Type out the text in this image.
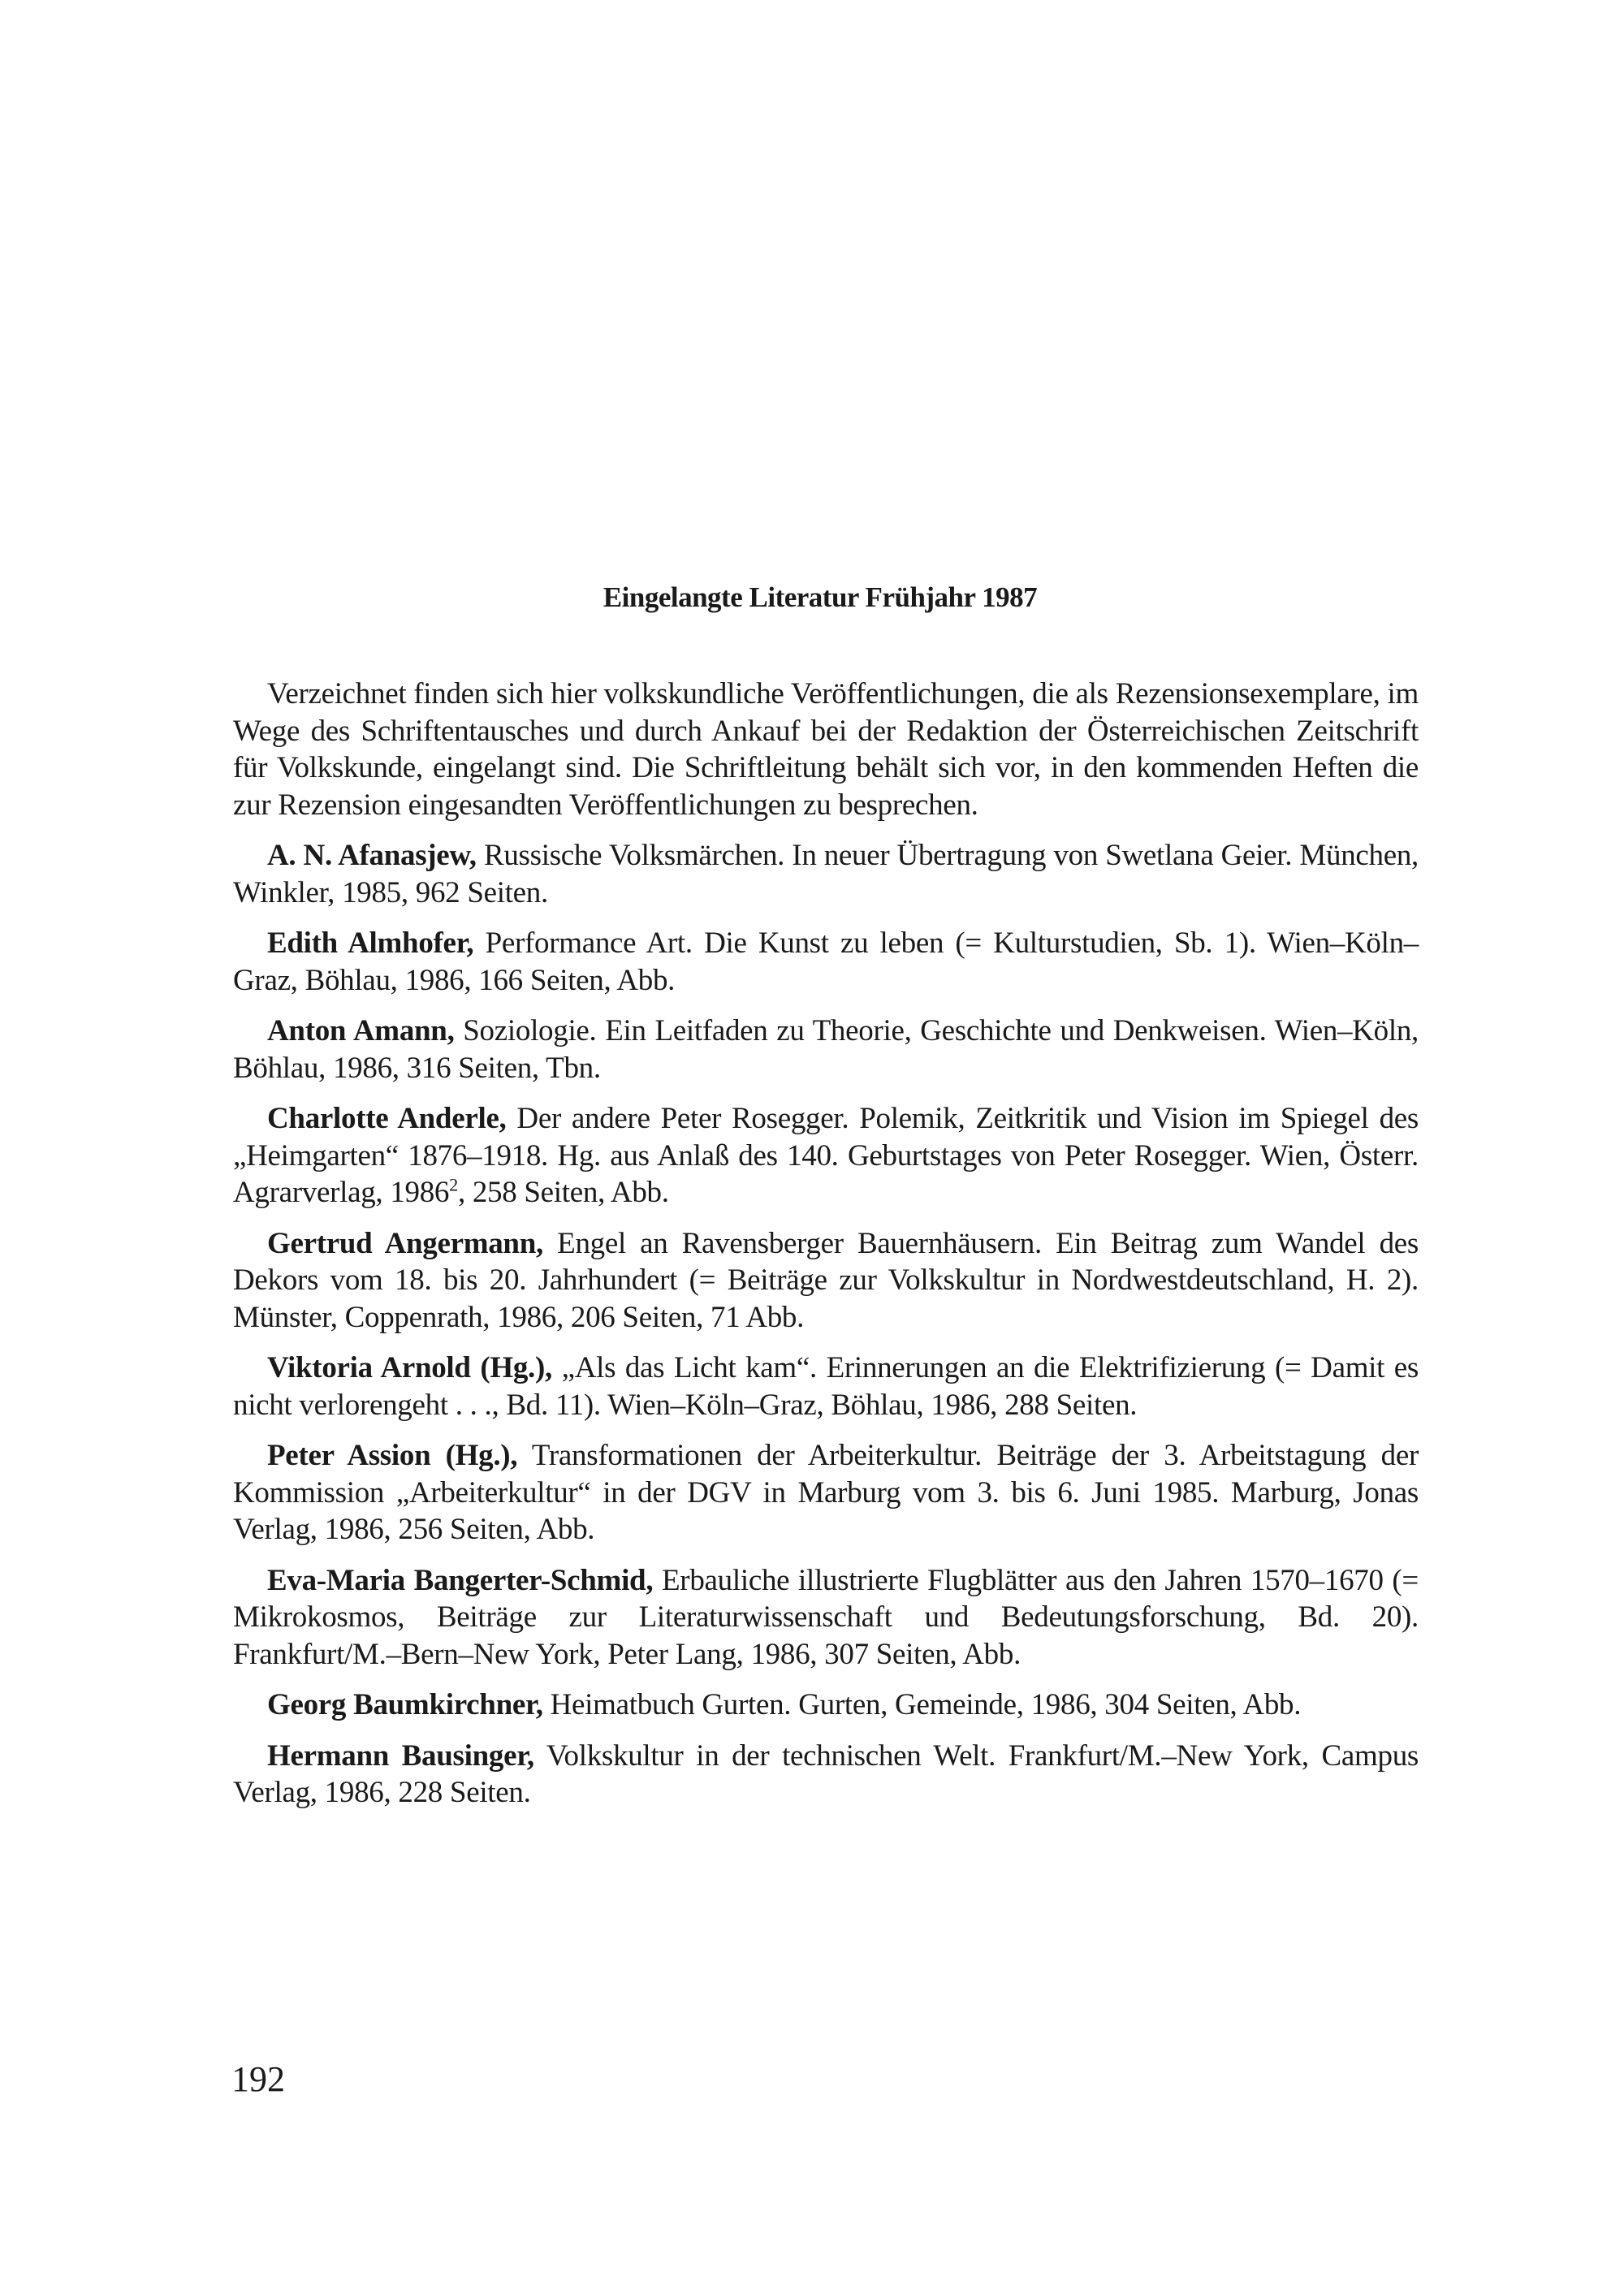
Eingelangte Literatur Frühjahr 1987

Verzeichnet finden sich hier volkskundliche Veröffentlichungen, die als Rezensionsexemplare, im Wege des Schriftentausches und durch Ankauf bei der Redaktion der Österreichischen Zeitschrift für Volkskunde, eingelangt sind. Die Schriftleitung behält sich vor, in den kommenden Heften die zur Rezension eingesandten Veröffentlichungen zu besprechen.

A. N. Afanasjew, Russische Volksmärchen. In neuer Übertragung von Swetlana Geier. München, Winkler, 1985, 962 Seiten.

Edith Almhofer, Performance Art. Die Kunst zu leben (= Kulturstudien, Sb. 1). Wien–Köln–Graz, Böhlau, 1986, 166 Seiten, Abb.

Anton Amann, Soziologie. Ein Leitfaden zu Theorie, Geschichte und Denkweisen. Wien–Köln, Böhlau, 1986, 316 Seiten, Tbn.

Charlotte Anderle, Der andere Peter Rosegger. Polemik, Zeitkritik und Vision im Spiegel des „Heimgarten“ 1876–1918. Hg. aus Anlaß des 140. Geburtstages von Peter Rosegger. Wien, Österr. Agrarverlag, 1986$^2$, 258 Seiten, Abb.

Gertrud Angermann, Engel an Ravensberger Bauernhäusern. Ein Beitrag zum Wandel des Dekors vom 18. bis 20. Jahrhundert (= Beiträge zur Volkskultur in Nordwestdeutschland, H. 2). Münster, Coppenrath, 1986, 206 Seiten, 71 Abb.

Viktoria Arnold (Hg.), „Als das Licht kam“. Erinnerungen an die Elektrifizierung (= Damit es nicht verlorengeht . . ., Bd. 11). Wien–Köln–Graz, Böhlau, 1986, 288 Seiten.

Peter Assion (Hg.), Transformationen der Arbeiterkultur. Beiträge der 3. Arbeitstagung der Kommission „Arbeiterkultur“ in der DGV in Marburg vom 3. bis 6. Juni 1985. Marburg, Jonas Verlag, 1986, 256 Seiten, Abb.

Eva-Maria Bangerter-Schmid, Erbauliche illustrierte Flugblätter aus den Jahren 1570–1670 (= Mikrokosmos, Beiträge zur Literaturwissenschaft und Bedeutungsforschung, Bd. 20). Frankfurt/M.–Bern–New York, Peter Lang, 1986, 307 Seiten, Abb.

Georg Baumkirchner, Heimatbuch Gurten. Gurten, Gemeinde, 1986, 304 Seiten, Abb.

Hermann Bausinger, Volkskultur in der technischen Welt. Frankfurt/M.–New York, Campus Verlag, 1986, 228 Seiten.

192
